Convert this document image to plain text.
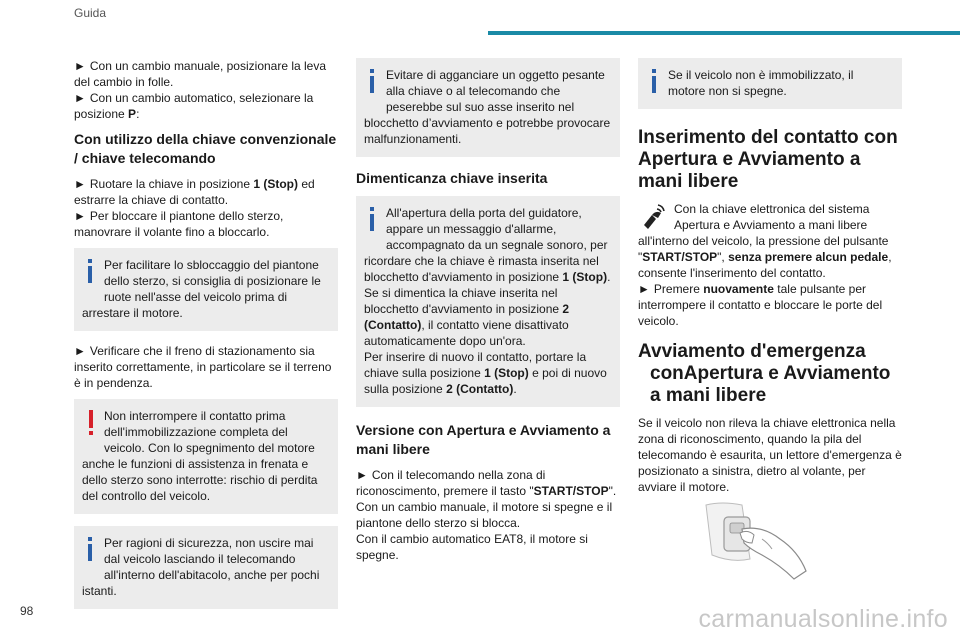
Guida

► Con un cambio manuale, posizionare la leva del cambio in folle.

► Con un cambio automatico, selezionare la posizione P:

Con utilizzo della chiave convenzionale / chiave telecomando

► Ruotare la chiave in posizione 1 (Stop) ed estrarre la chiave di contatto.

► Per bloccare il piantone dello sterzo, manovrare il volante fino a bloccarlo.

Per facilitare lo sbloccaggio del piantone dello sterzo, si consiglia di posizionare le ruote nell'asse del veicolo prima di arrestare il motore.

► Verificare che il freno di stazionamento sia inserito correttamente, in particolare se il terreno è in pendenza.

Non interrompere il contatto prima dell'immobilizzazione completa del veicolo. Con lo spegnimento del motore anche le funzioni di assistenza in frenata e dello sterzo sono interrotte: rischio di perdita del controllo del veicolo.
Per ragioni di sicurezza, non uscire mai dal veicolo lasciando il telecomando all'interno dell'abitacolo, anche per pochi istanti.
Evitare di agganciare un oggetto pesante alla chiave o al telecomando che peserebbe sul suo asse inserito nel blocchetto d’avviamento e potrebbe provocare malfunzionamenti.
Dimenticanza chiave inserita
All'apertura della porta del guidatore, appare un messaggio d'allarme, accompagnato da un segnale sonoro, per ricordare che la chiave è rimasta inserita nel blocchetto d'avviamento in posizione 1 (Stop).
Se si dimentica la chiave inserita nel blocchetto d'avviamento in posizione 2 (Contatto), il contatto viene disattivato automaticamente dopo un'ora.
Per inserire di nuovo il contatto, portare la chiave sulla posizione 1 (Stop) e poi di nuovo sulla posizione 2 (Contatto).
Versione con Apertura e Avviamento a mani libere

► Con il telecomando nella zona di riconoscimento, premere il tasto "START/STOP".

Con un cambio manuale, il motore si spegne e il piantone dello sterzo si blocca.

Con il cambio automatico EAT8, il motore si spegne.

Se il veicolo non è immobilizzato, il motore non si spegne.
Inserimento del contatto con Apertura e Avviamento a mani libere

Con la chiave elettronica del sistema Apertura e Avviamento a mani libere all'interno del veicolo, la pressione del pulsante "START/STOP", senza premere alcun pedale, consente l'inserimento del contatto.

► Premere nuovamente tale pulsante per interrompere il contatto e bloccare le porte del veicolo.

Avviamento d'emergenza
conApertura e Avviamento a mani libere

Se il veicolo non rileva la chiave elettronica nella zona di riconoscimento, quando la pila del telecomando è esaurita, un lettore d'emergenza è posizionato a sinistra, dietro al volante, per avviare il motore.

98	carmanualsonline.info
